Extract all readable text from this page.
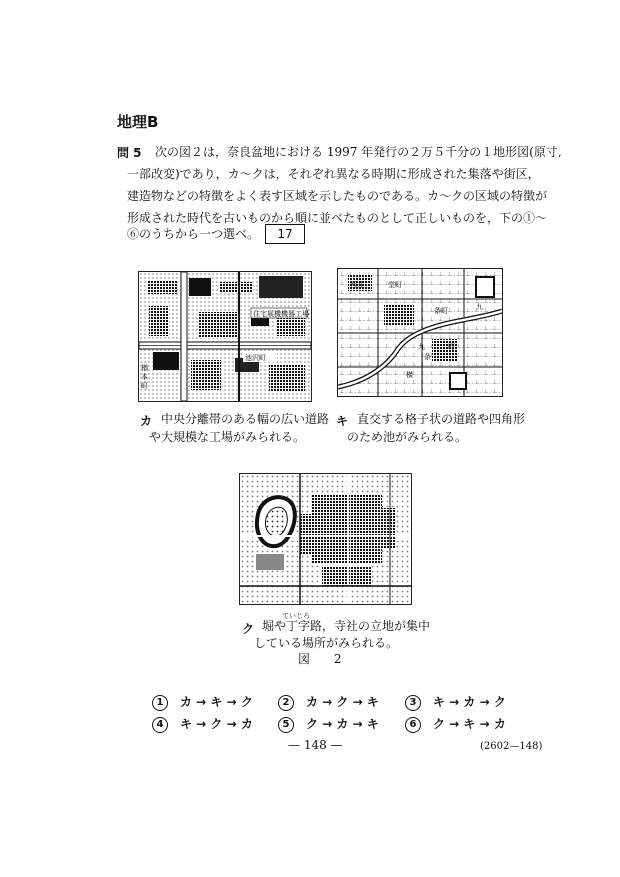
地理B
問 5 次の図２は，奈良盆地における 1997 年発行の２万５千分の１地形図(原寸,
一部改変)であり，カ～クは，それぞれ異なる時期に形成された集落や街区，
建造物などの特徴をよく表す区域を示したものである。カ～クの区域の特徴が
形成された時代を古いものから順に並べたものとして正しいものを，下の①～
⑥のうちから一つ選べ。	17
住宅展機機器工場
楢
本
町
池沢町
西井	堂町
九
条町
九
条
町
横
カ 中央分離帯のある幅の広い道路
や大規模な工場がみられる。
キ 直交する格子状の道路や四角形
のため池がみられる。
ク
ていじろ
堀や丁字路，寺社の立地が集中
している場所がみられる。
図 2
1 カ → キ → ク	2 カ → ク → キ	3 キ → カ → ク
4 キ → ク → カ	5 ク → カ → キ	6 ク → キ → カ
— 148 —	(2602—148)
